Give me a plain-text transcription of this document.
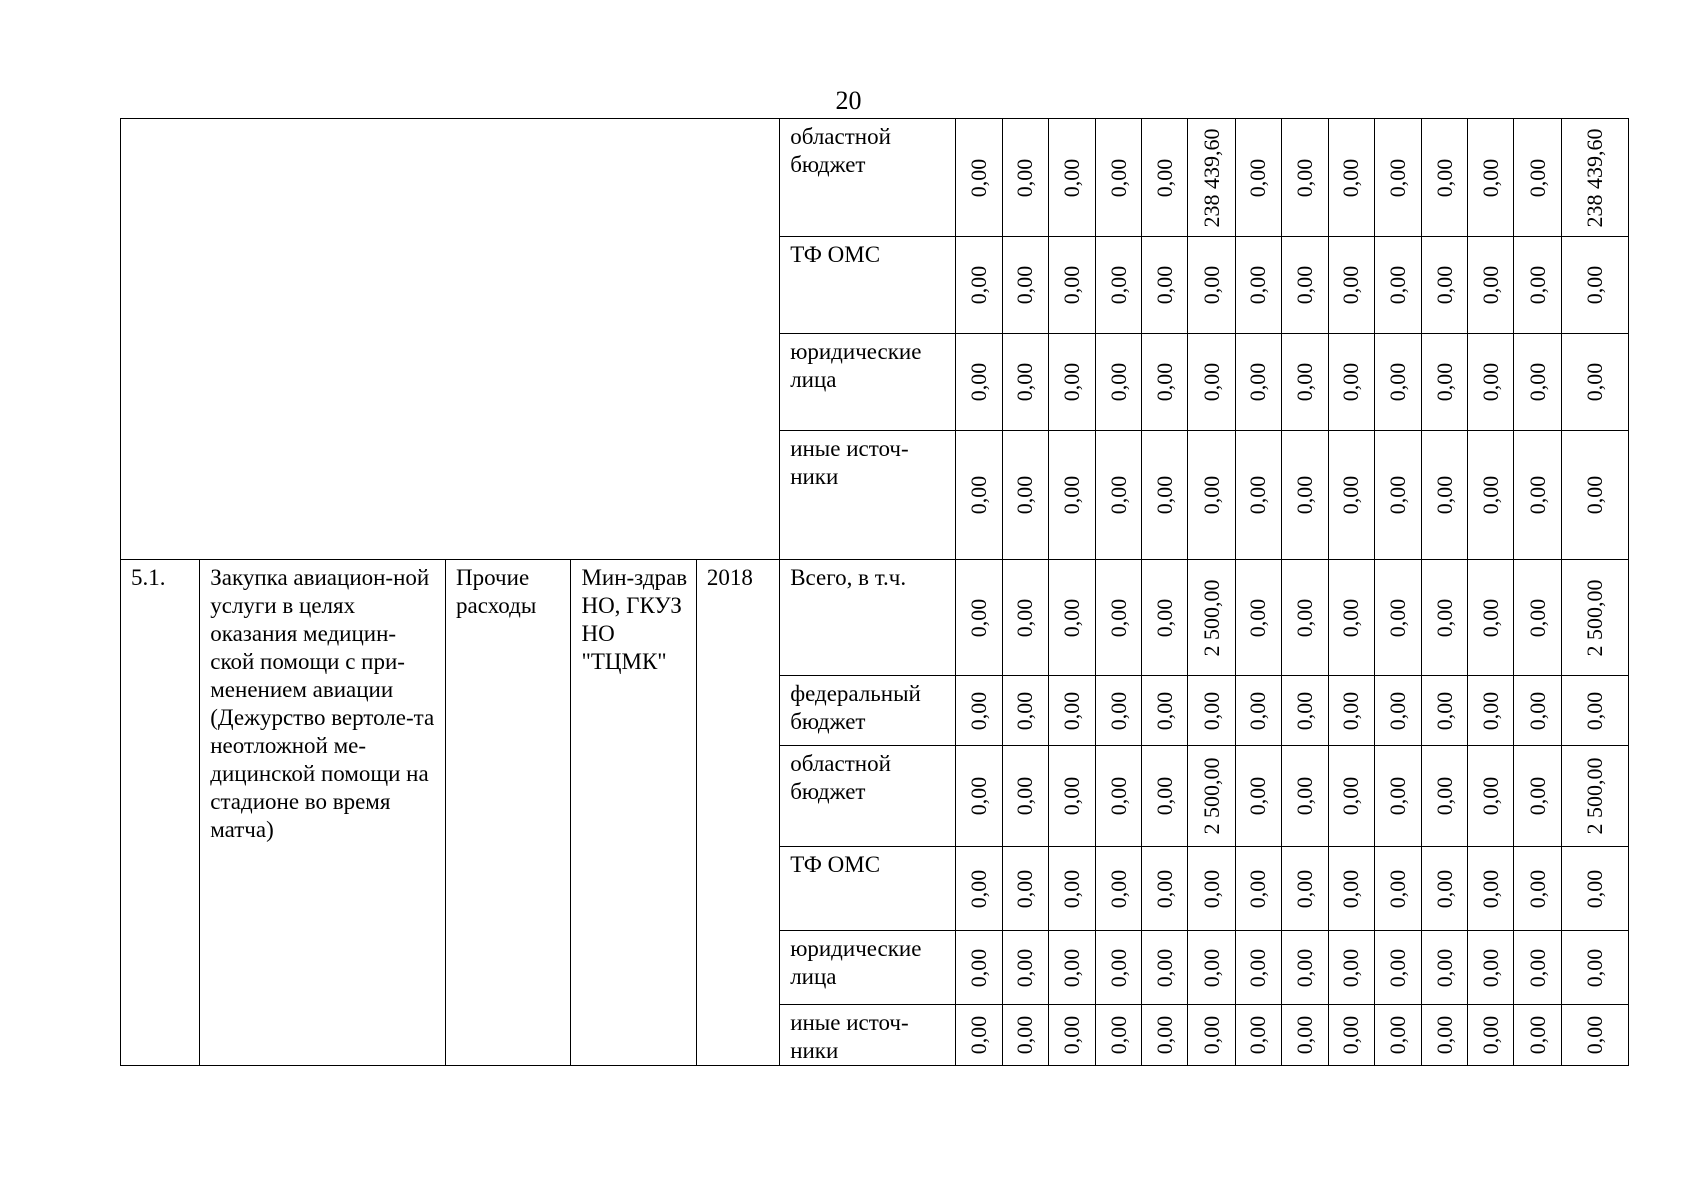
20
					областной бюджет	0,00	0,00	0,00	0,00	0,00	238 439,60	0,00	0,00	0,00	0,00	0,00	0,00	0,00	238 439,60

					ТФ ОМС	0,00	0,00	0,00	0,00	0,00	0,00	0,00	0,00	0,00	0,00	0,00	0,00	0,00	0,00

					юридические лица	0,00	0,00	0,00	0,00	0,00	0,00	0,00	0,00	0,00	0,00	0,00	0,00	0,00	0,00

					иные источ-ники	0,00	0,00	0,00	0,00	0,00	0,00	0,00	0,00	0,00	0,00	0,00	0,00	0,00	0,00

5.1.	Закупка авиацион-ной услуги в целях оказания медицин-ской помощи с при-менением авиации (Дежурство вертоле-та неотложной ме-дицинской помощи на стадионе во время матча)	Прочие расходы	Мин-здрав НО, ГКУЗ НО "ТЦМК"	2018	Всего, в т.ч.	0,00	0,00	0,00	0,00	0,00	2 500,00	0,00	0,00	0,00	0,00	0,00	0,00	0,00	2 500,00

					федеральный бюджет	0,00	0,00	0,00	0,00	0,00	0,00	0,00	0,00	0,00	0,00	0,00	0,00	0,00	0,00

					областной бюджет	0,00	0,00	0,00	0,00	0,00	2 500,00	0,00	0,00	0,00	0,00	0,00	0,00	0,00	2 500,00

					ТФ ОМС	0,00	0,00	0,00	0,00	0,00	0,00	0,00	0,00	0,00	0,00	0,00	0,00	0,00	0,00

					юридические лица	0,00	0,00	0,00	0,00	0,00	0,00	0,00	0,00	0,00	0,00	0,00	0,00	0,00	0,00

					иные источ-ники	0,00	0,00	0,00	0,00	0,00	0,00	0,00	0,00	0,00	0,00	0,00	0,00	0,00	0,00
